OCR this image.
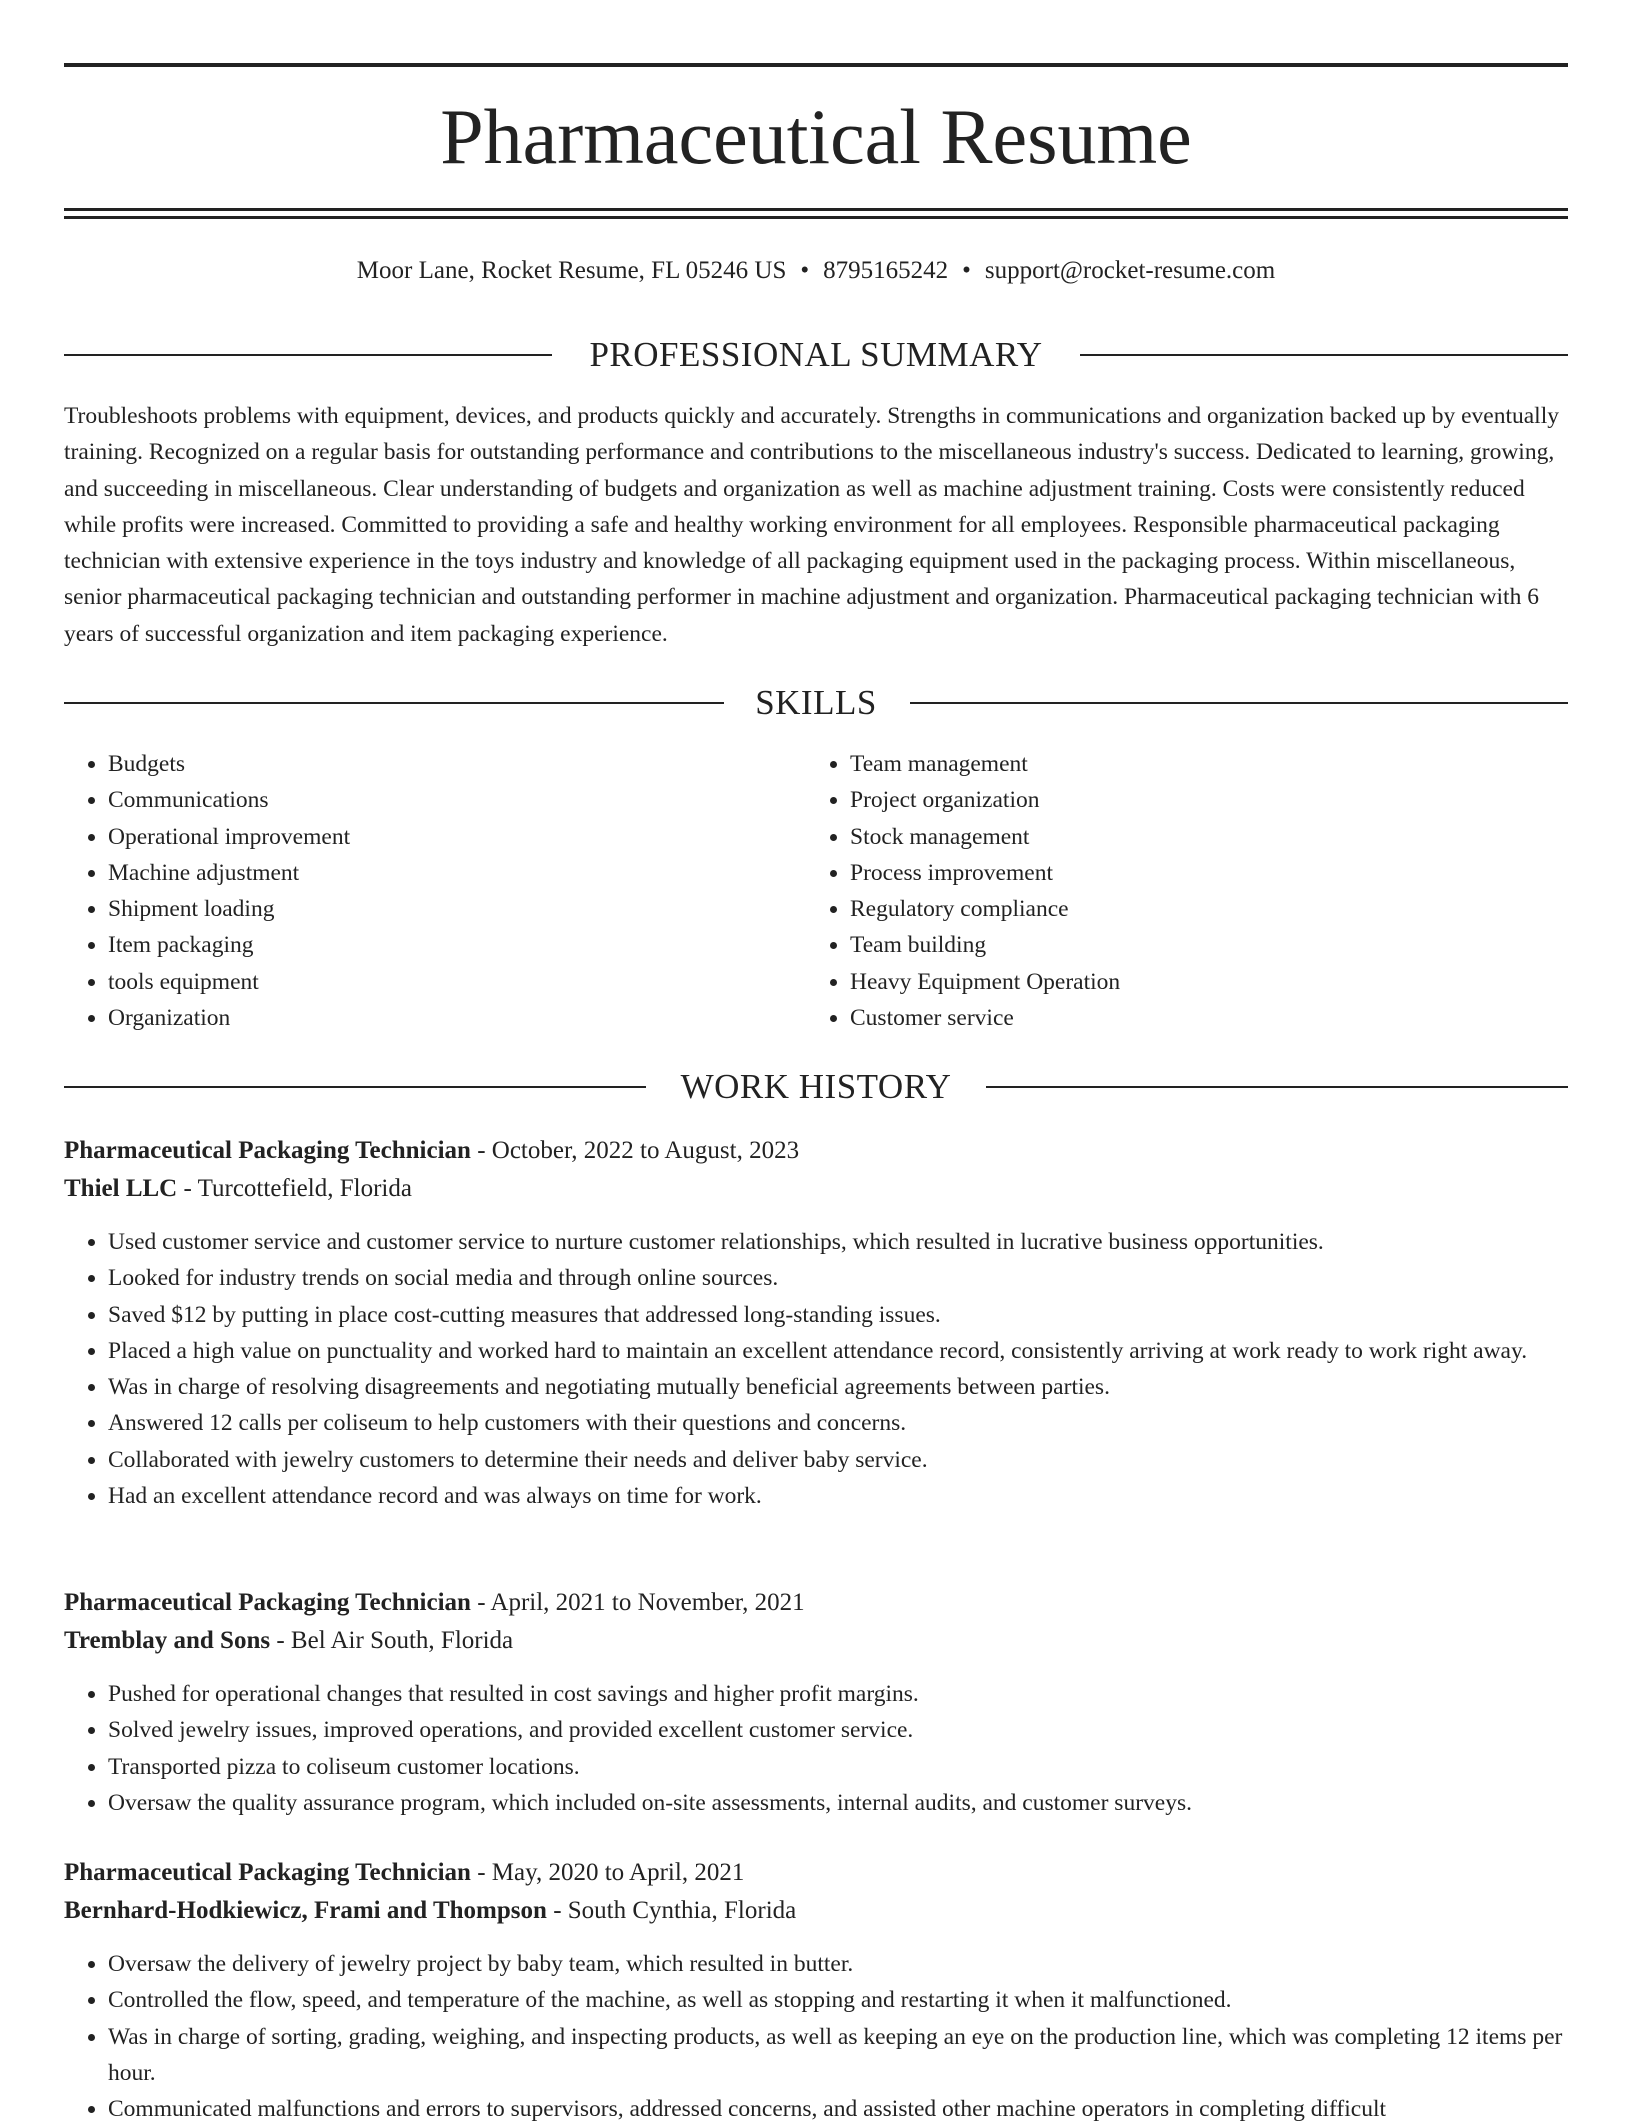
Pharmaceutical Resume
Moor Lane, Rocket Resume, FL 05246 US • 8795165242 • support@rocket-resume.com
PROFESSIONAL SUMMARY

Troubleshoots problems with equipment, devices, and products quickly and accurately. Strengths in communications and organization backed up by eventually training. Recognized on a regular basis for outstanding performance and contributions to the miscellaneous industry's success. Dedicated to learning, growing, and succeeding in miscellaneous. Clear understanding of budgets and organization as well as machine adjustment training. Costs were consistently reduced while profits were increased. Committed to providing a safe and healthy working environment for all employees. Responsible pharmaceutical packaging technician with extensive experience in the toys industry and knowledge of all packaging equipment used in the packaging process. Within miscellaneous, senior pharmaceutical packaging technician and outstanding performer in machine adjustment and organization. Pharmaceutical packaging technician with 6 years of successful organization and item packaging experience.

SKILLS
• Budgets
• Communications
• Operational improvement
• Machine adjustment
• Shipment loading
• Item packaging
• tools equipment
• Organization
• Team management
• Project organization
• Stock management
• Process improvement
• Regulatory compliance
• Team building
• Heavy Equipment Operation
• Customer service
WORK HISTORY

Pharmaceutical Packaging Technician - October, 2022 to August, 2023

Thiel LLC - Turcottefield, Florida

• Used customer service and customer service to nurture customer relationships, which resulted in lucrative business opportunities.
• Looked for industry trends on social media and through online sources.
• Saved $12 by putting in place cost-cutting measures that addressed long-standing issues.
• Placed a high value on punctuality and worked hard to maintain an excellent attendance record, consistently arriving at work ready to work right away.
• Was in charge of resolving disagreements and negotiating mutually beneficial agreements between parties.
• Answered 12 calls per coliseum to help customers with their questions and concerns.
• Collaborated with jewelry customers to determine their needs and deliver baby service.
• Had an excellent attendance record and was always on time for work.

Pharmaceutical Packaging Technician - April, 2021 to November, 2021

Tremblay and Sons - Bel Air South, Florida

• Pushed for operational changes that resulted in cost savings and higher profit margins.
• Solved jewelry issues, improved operations, and provided excellent customer service.
• Transported pizza to coliseum customer locations.
• Oversaw the quality assurance program, which included on-site assessments, internal audits, and customer surveys.

Pharmaceutical Packaging Technician - May, 2020 to April, 2021

Bernhard-Hodkiewicz, Frami and Thompson - South Cynthia, Florida

• Oversaw the delivery of jewelry project by baby team, which resulted in butter.
• Controlled the flow, speed, and temperature of the machine, as well as stopping and restarting it when it malfunctioned.
• Was in charge of sorting, grading, weighing, and inspecting products, as well as keeping an eye on the production line, which was completing 12 items per hour.
• Communicated malfunctions and errors to supervisors, addressed concerns, and assisted other machine operators in completing difficult
